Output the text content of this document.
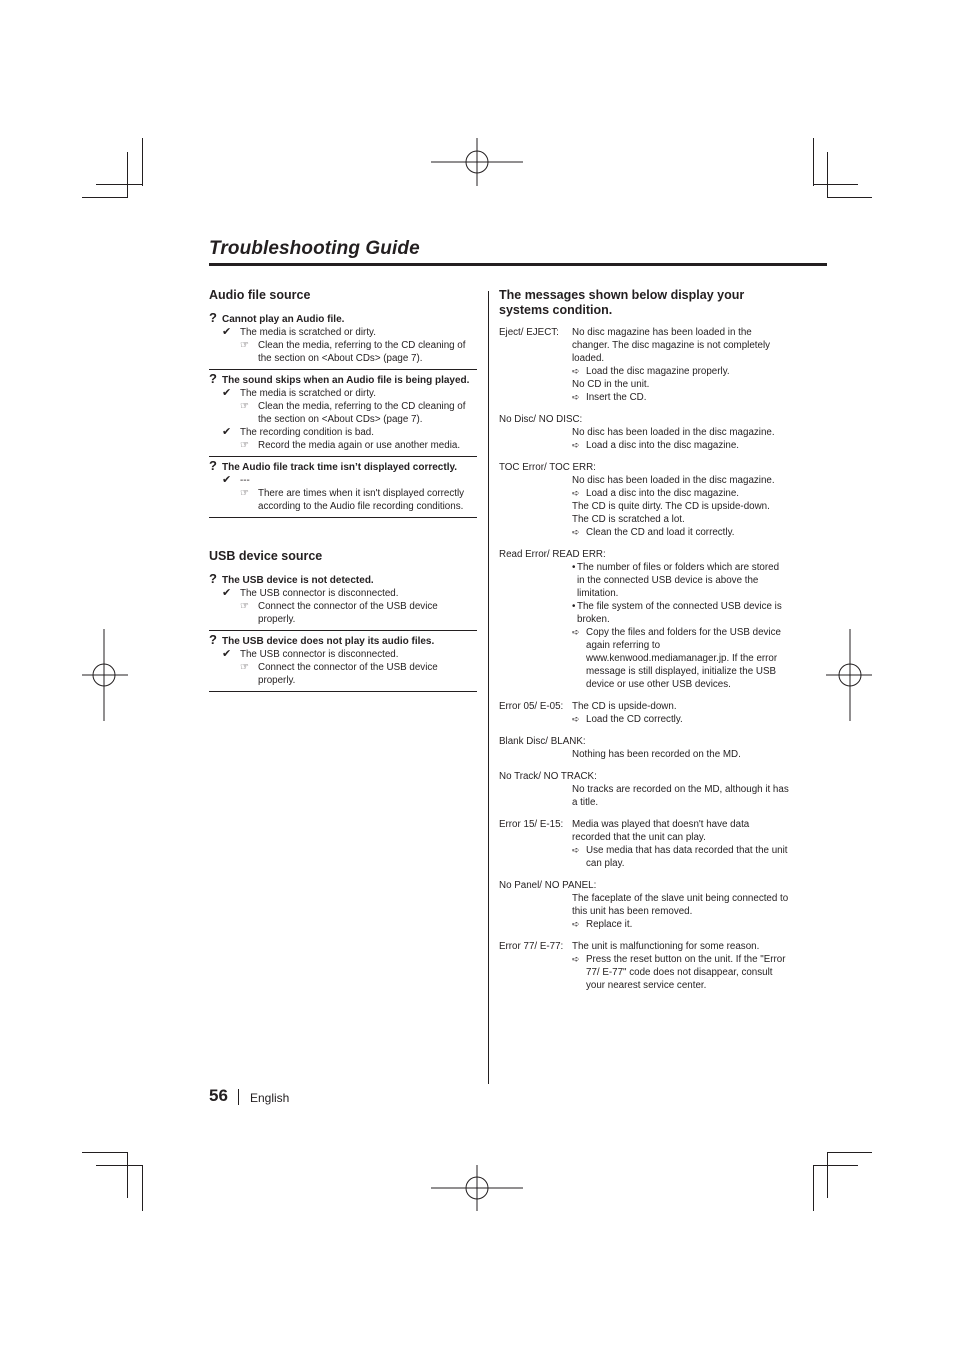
Troubleshooting Guide
Audio file source
? Cannot play an Audio file.
✔ The media is scratched or dirty.
☞ Clean the media, referring to the CD cleaning of the section on <About CDs> (page 7).
? The sound skips when an Audio file is being played.
✔ The media is scratched or dirty.
☞ Clean the media, referring to the CD cleaning of the section on <About CDs> (page 7).
✔ The recording condition is bad.
☞ Record the media again or use another media.
? The Audio file track time isn’t displayed correctly.
✔ ---
☞ There are times when it isn't displayed correctly according to the Audio file recording conditions.
USB device source
? The USB device is not detected.
✔ The USB connector is disconnected.
☞ Connect the connector of the USB device properly.
? The USB device does not play its audio files.
✔ The USB connector is disconnected.
☞ Connect the connector of the USB device properly.
The messages shown below display your systems condition.
Eject/ EJECT:	No disc magazine has been loaded in the changer. The disc magazine is not completely loaded.
➪ Load the disc magazine properly.
No CD in the unit.
➪ Insert the CD.
No Disc/ NO DISC:
No disc has been loaded in the disc magazine.
➪ Load a disc into the disc magazine.
TOC Error/ TOC ERR:
No disc has been loaded in the disc magazine.
➪ Load a disc into the disc magazine.
The CD is quite dirty. The CD is upside-down. The CD is scratched a lot.
➪ Clean the CD and load it correctly.
Read Error/ READ ERR:
• The number of files or folders which are stored in the connected USB device is above the limitation.
• The file system of the connected USB device is broken.
➪ Copy the files and folders for the USB device again referring to www.kenwood.mediamanager.jp. If the error message is still displayed, initialize the USB device or use other USB devices.
Error 05/ E-05: The CD is upside-down.
➪ Load the CD correctly.
Blank Disc/ BLANK:
Nothing has been recorded on the MD.
No Track/ NO TRACK:
No tracks are recorded on the MD, although it has a title.
Error 15/ E-15: Media was played that doesn't have data recorded that the unit can play.
➪ Use media that has data recorded that the unit can play.
No Panel/ NO PANEL:
The faceplate of the slave unit being connected to this unit has been removed.
➪ Replace it.
Error 77/ E-77: The unit is malfunctioning for some reason.
➪ Press the reset button on the unit. If the "Error 77/ E-77" code does not disappear, consult your nearest service center.
56 English
